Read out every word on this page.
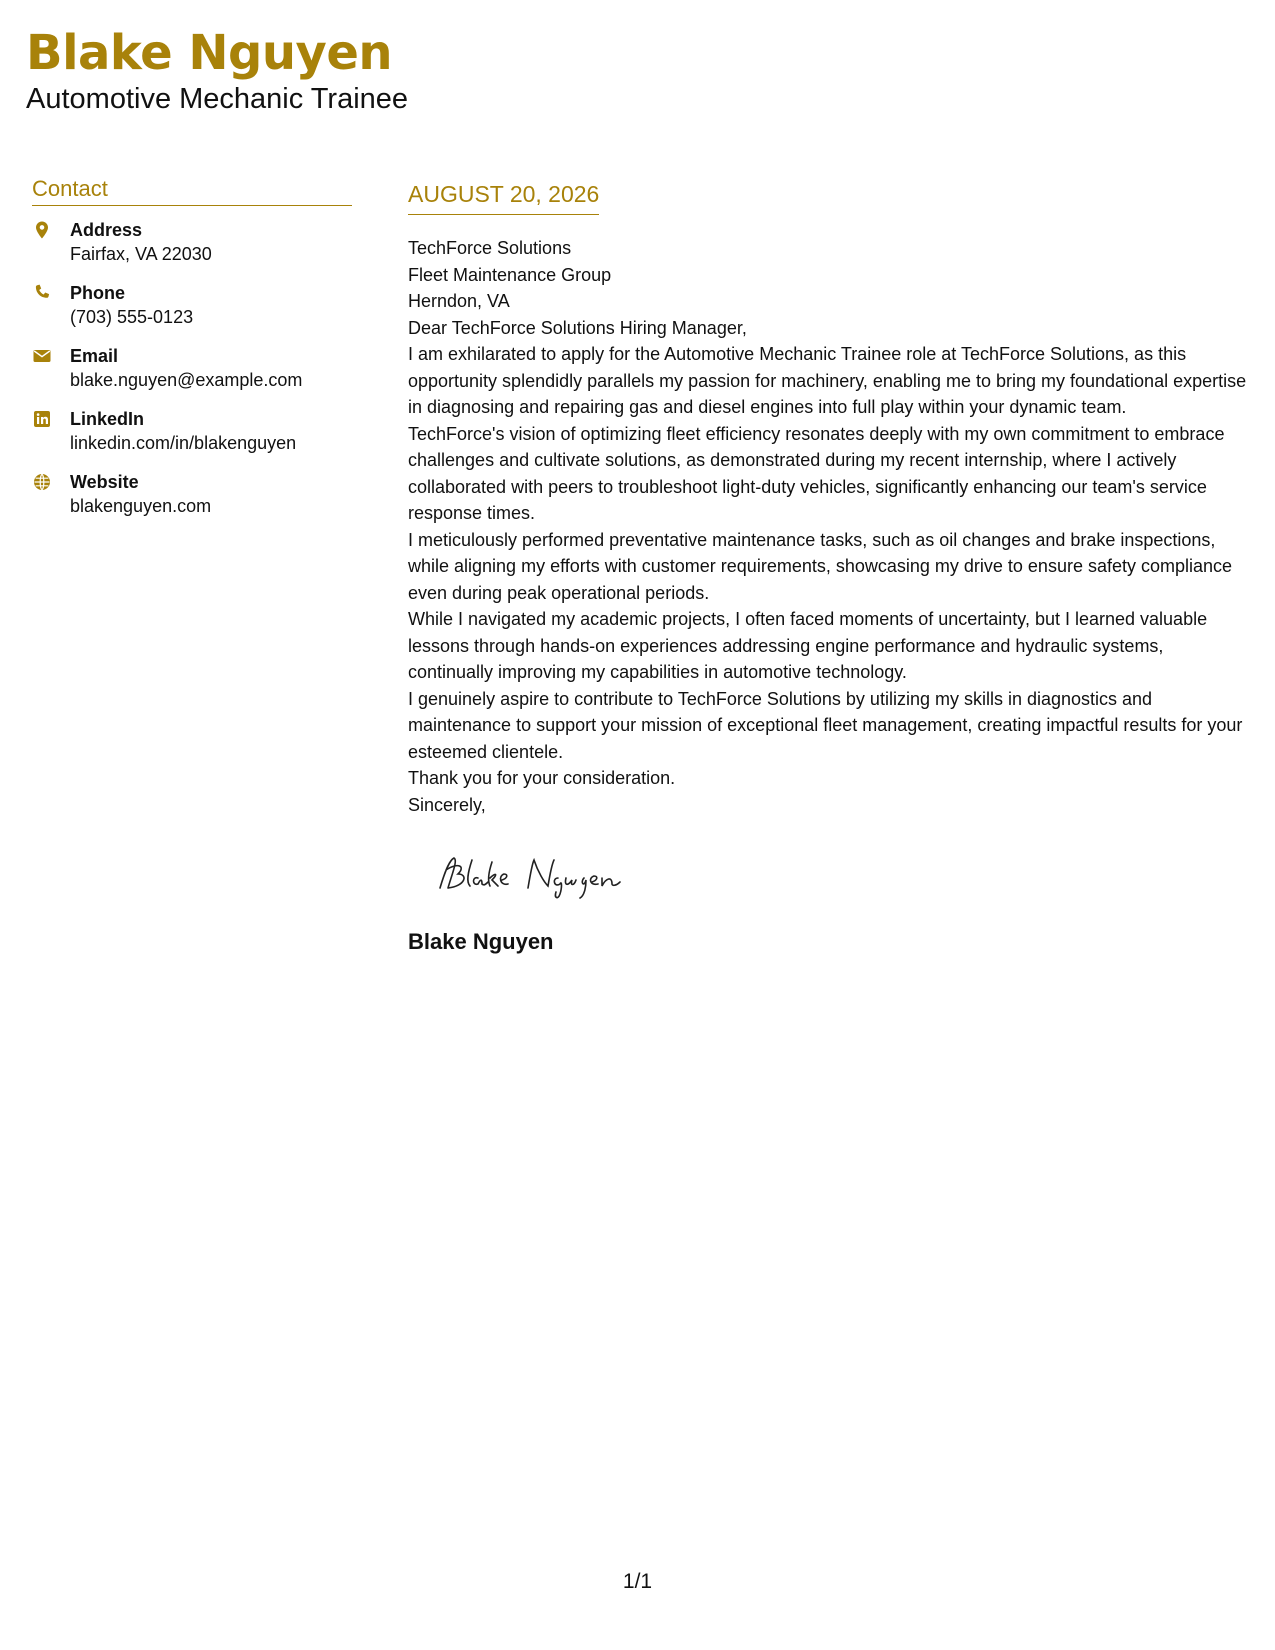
Blake Nguyen
Automotive Mechanic Trainee
Contact
Address
Fairfax, VA 22030
Phone
(703) 555-0123
Email
blake.nguyen@example.com
LinkedIn
linkedin.com/in/blakenguyen
Website
blakenguyen.com
AUGUST 20, 2026
TechForce Solutions
Fleet Maintenance Group
Herndon, VA

Dear TechForce Solutions Hiring Manager,

I am exhilarated to apply for the Automotive Mechanic Trainee role at TechForce Solutions, as this opportunity splendidly parallels my passion for machinery, enabling me to bring my foundational expertise in diagnosing and repairing gas and diesel engines into full play within your dynamic team.

TechForce's vision of optimizing fleet efficiency resonates deeply with my own commitment to embrace challenges and cultivate solutions, as demonstrated during my recent internship, where I actively collaborated with peers to troubleshoot light-duty vehicles, significantly enhancing our team's service response times.

I meticulously performed preventative maintenance tasks, such as oil changes and brake inspections, while aligning my efforts with customer requirements, showcasing my drive to ensure safety compliance even during peak operational periods.

While I navigated my academic projects, I often faced moments of uncertainty, but I learned valuable lessons through hands-on experiences addressing engine performance and hydraulic systems, continually improving my capabilities in automotive technology.

I genuinely aspire to contribute to TechForce Solutions by utilizing my skills in diagnostics and maintenance to support your mission of exceptional fleet management, creating impactful results for your esteemed clientele.

Thank you for your consideration.

Sincerely,

Blake Nguyen
1/1
